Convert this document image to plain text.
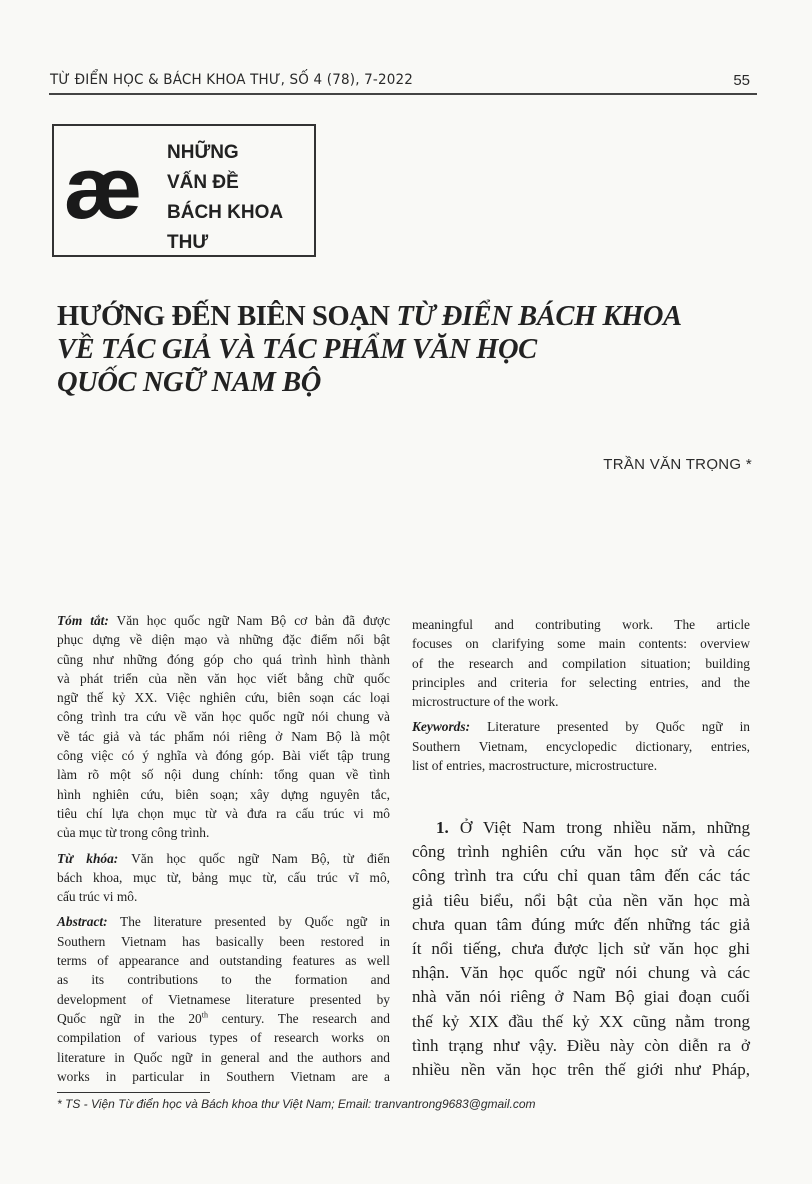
TỪ ĐIỂN HỌC & BÁCH KHOA THƯ, SỐ 4 (78), 7-2022	55
æ NHỮNG
VẤN ĐỀ
BÁCH KHOA
THƯ
HƯỚNG ĐẾN BIÊN SOẠN TỪ ĐIỂN BÁCH KHOA
VỀ TÁC GIẢ VÀ TÁC PHẨM VĂN HỌC
QUỐC NGỮ NAM BỘ
TRẦN VĂN TRỌNG *
Tóm tắt: Văn học quốc ngữ Nam Bộ cơ bản đã được
phục dựng về diện mạo và những đặc điểm nổi bật
cũng như những đóng góp cho quá trình hình thành
và phát triển của nền văn học viết bằng chữ quốc
ngữ thế kỷ XX. Việc nghiên cứu, biên soạn các loại
công trình tra cứu về văn học quốc ngữ nói chung và
về tác giả và tác phẩm nói riêng ở Nam Bộ là một
công việc có ý nghĩa và đóng góp. Bài viết tập trung
làm rõ một số nội dung chính: tổng quan về tình
hình nghiên cứu, biên soạn; xây dựng nguyên tắc,
tiêu chí lựa chọn mục từ và đưa ra cấu trúc vi mô
của mục từ trong công trình.
Từ khóa: Văn học quốc ngữ Nam Bộ, từ điển
bách khoa, mục từ, bảng mục từ, cấu trúc vĩ mô,
cấu trúc vi mô.
Abstract: The literature presented by Quốc ngữ in
Southern Vietnam has basically been restored in
terms of appearance and outstanding features as well
as its contributions to the formation and
development of Vietnamese literature presented by
Quốc ngữ in the 20th century. The research and
compilation of various types of research works on
literature in Quốc ngữ in general and the authors and
works in particular in Southern Vietnam are a
meaningful and contributing work. The article
focuses on clarifying some main contents: overview
of the research and compilation situation; building
principles and criteria for selecting entries, and the
microstructure of the work.
Keywords: Literature presented by Quốc ngữ in
Southern Vietnam, encyclopedic dictionary, entries,
list of entries, macrostructure, microstructure.
1. Ở Việt Nam trong nhiều năm, những
công trình nghiên cứu văn học sử và các
công trình tra cứu chỉ quan tâm đến các tác
giả tiêu biểu, nổi bật của nền văn học mà
chưa quan tâm đúng mức đến những tác giả
ít nổi tiếng, chưa được lịch sử văn học ghi
nhận. Văn học quốc ngữ nói chung và các
nhà văn nói riêng ở Nam Bộ giai đoạn cuối
thế kỷ XIX đầu thế kỷ XX cũng nằm trong
tình trạng như vậy. Điều này còn diễn ra ở
nhiều nền văn học trên thế giới như Pháp,
* TS - Viện Từ điển học và Bách khoa thư Việt Nam; Email: tranvantrong9683@gmail.com
